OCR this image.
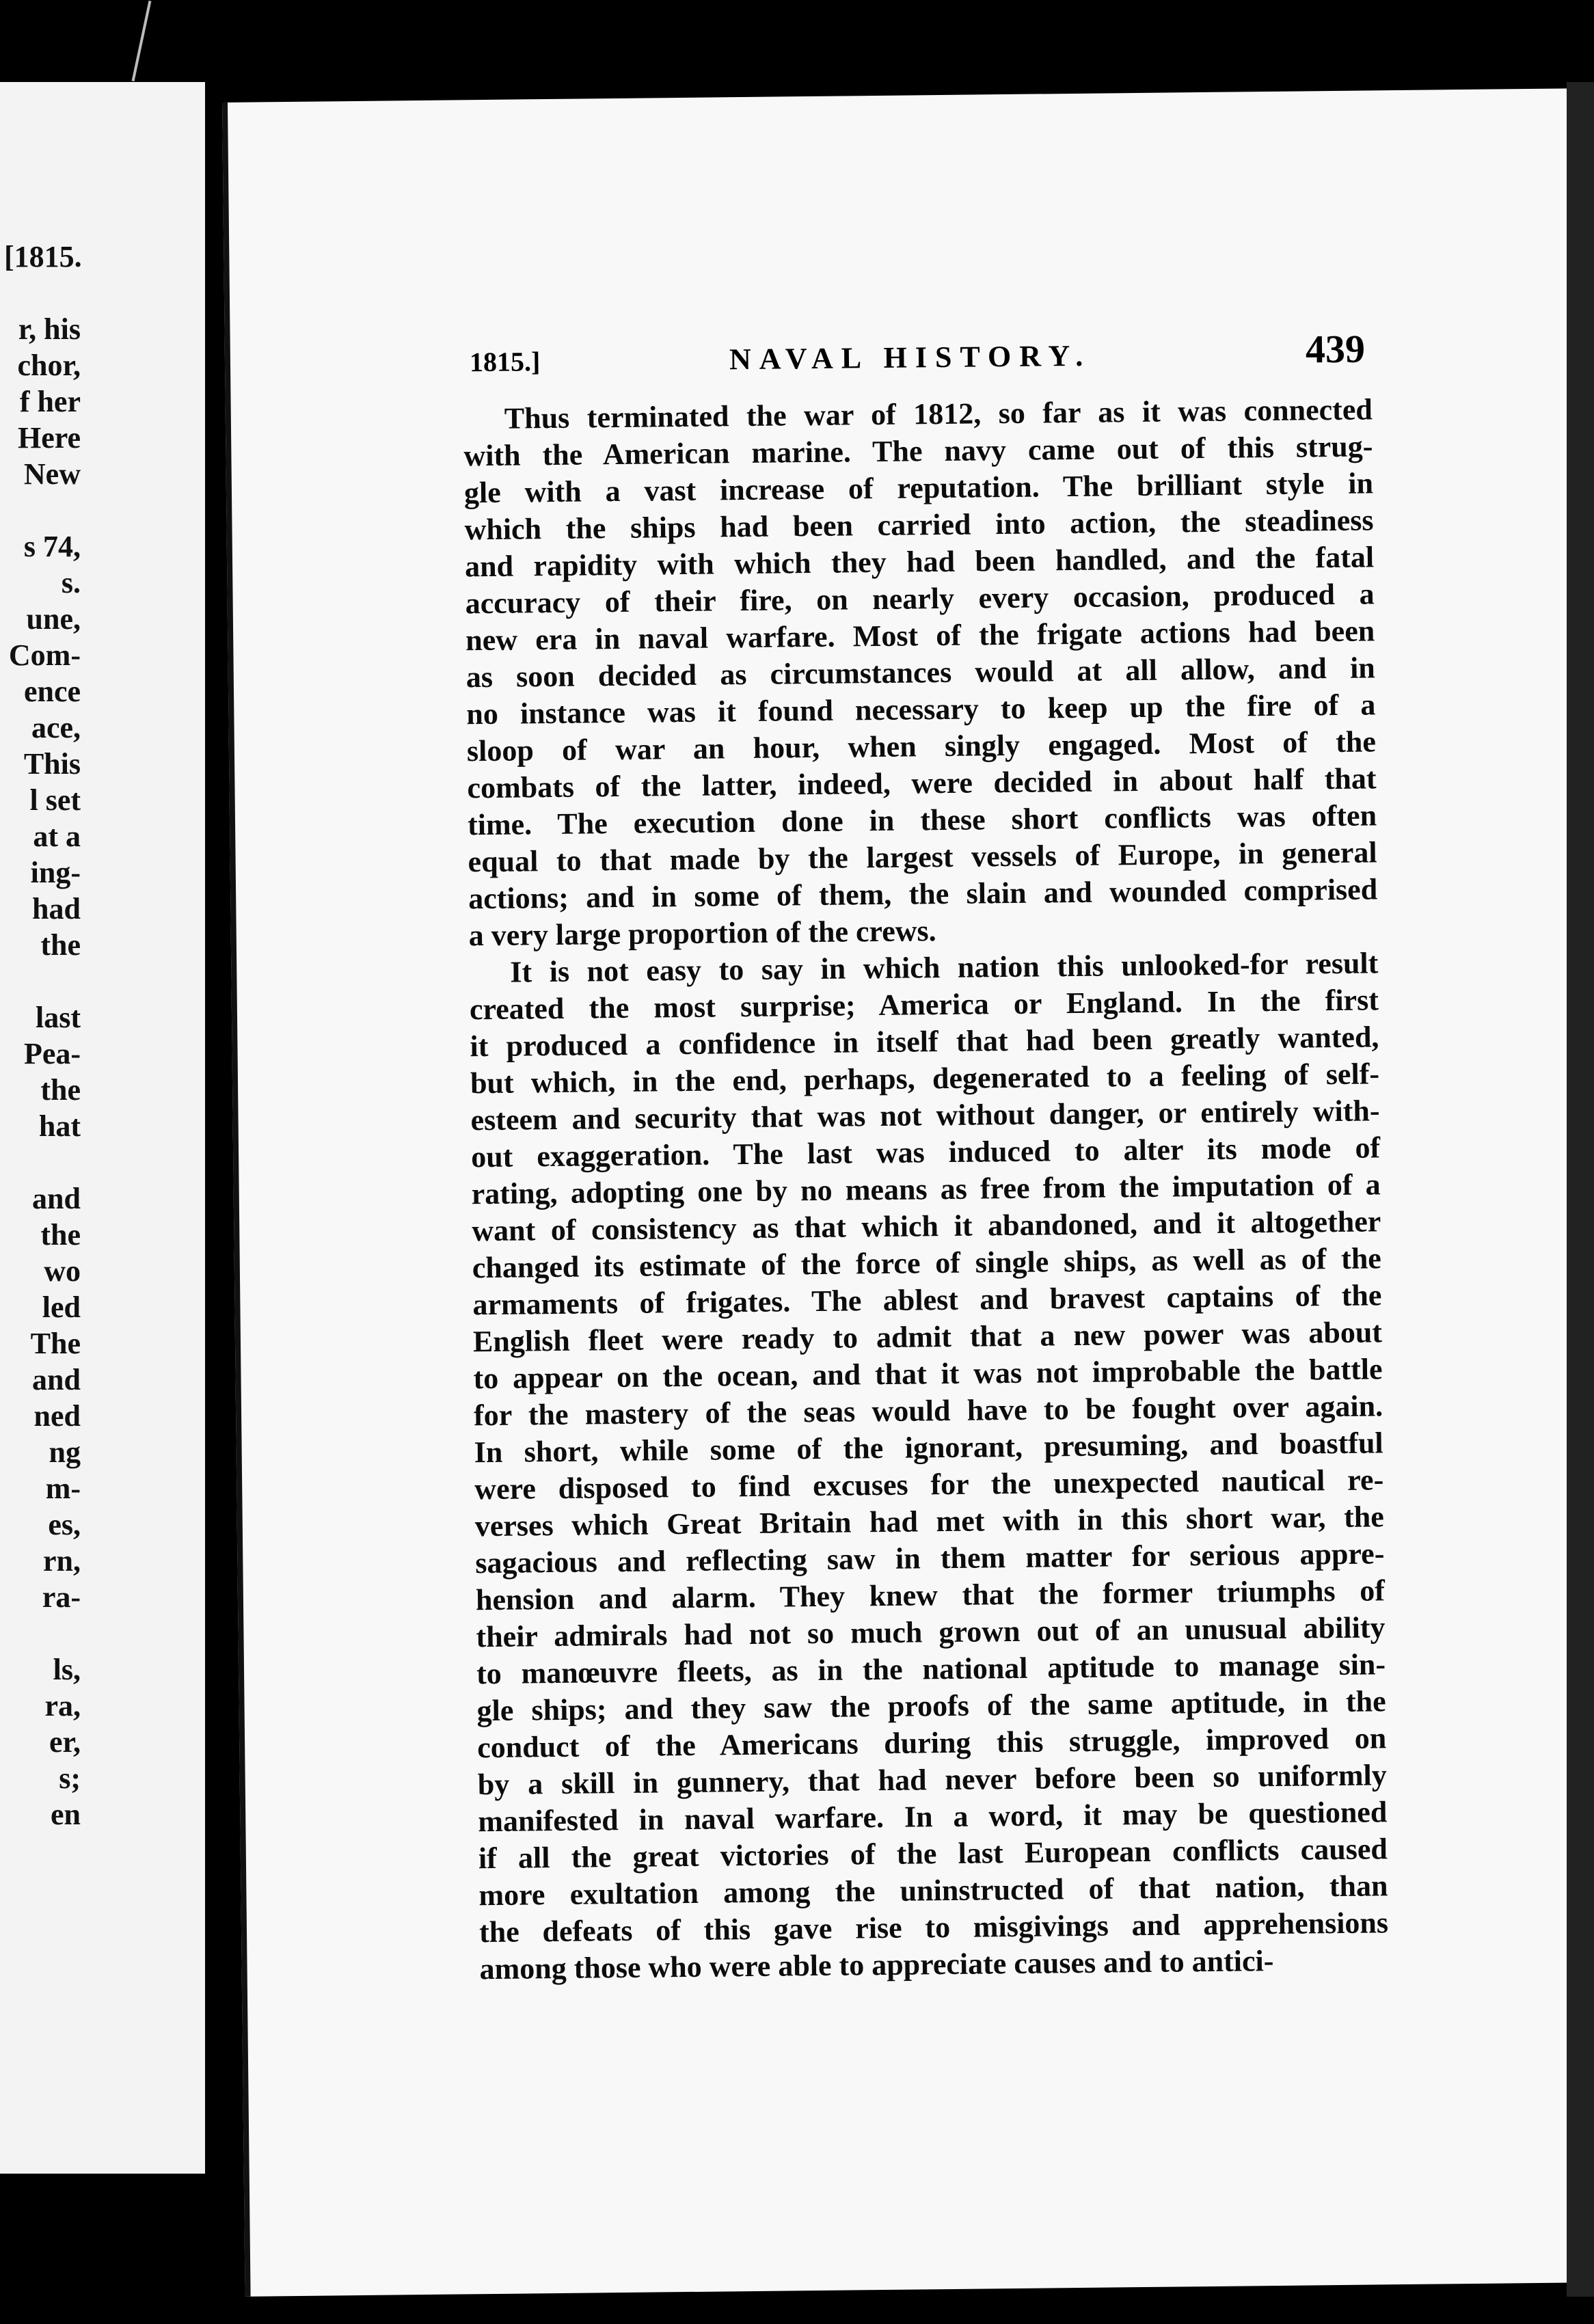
[1815.
r, his
chor,
f her
Here
New
s 74,
s.
une,
Com-
ence
ace,
This
l set
at a
ing-
had
the
last
Pea-
the
hat
and
the
wo
led
The
and
ned
ng
m-
es,
rn,
ra-
ls,
ra,
er,
s;
en
1815.]	NAVAL HISTORY.	439
Thus terminated the war of 1812, so far as it was connected
with the American marine. The navy came out of this strug-
gle with a vast increase of reputation. The brilliant style in
which the ships had been carried into action, the steadiness
and rapidity with which they had been handled, and the fatal
accuracy of their fire, on nearly every occasion, produced a
new era in naval warfare. Most of the frigate actions had been
as soon decided as circumstances would at all allow, and in
no instance was it found necessary to keep up the fire of a
sloop of war an hour, when singly engaged. Most of the
combats of the latter, indeed, were decided in about half that
time. The execution done in these short conflicts was often
equal to that made by the largest vessels of Europe, in general
actions; and in some of them, the slain and wounded comprised
a very large proportion of the crews.
It is not easy to say in which nation this unlooked-for result
created the most surprise; America or England. In the first
it produced a confidence in itself that had been greatly wanted,
but which, in the end, perhaps, degenerated to a feeling of self-
esteem and security that was not without danger, or entirely with-
out exaggeration. The last was induced to alter its mode of
rating, adopting one by no means as free from the imputation of a
want of consistency as that which it abandoned, and it altogether
changed its estimate of the force of single ships, as well as of the
armaments of frigates. The ablest and bravest captains of the
English fleet were ready to admit that a new power was about
to appear on the ocean, and that it was not improbable the battle
for the mastery of the seas would have to be fought over again.
In short, while some of the ignorant, presuming, and boastful
were disposed to find excuses for the unexpected nautical re-
verses which Great Britain had met with in this short war, the
sagacious and reflecting saw in them matter for serious appre-
hension and alarm. They knew that the former triumphs of
their admirals had not so much grown out of an unusual ability
to manœuvre fleets, as in the national aptitude to manage sin-
gle ships; and they saw the proofs of the same aptitude, in the
conduct of the Americans during this struggle, improved on
by a skill in gunnery, that had never before been so uniformly
manifested in naval warfare. In a word, it may be questioned
if all the great victories of the last European conflicts caused
more exultation among the uninstructed of that nation, than
the defeats of this gave rise to misgivings and apprehensions
among those who were able to appreciate causes and to antici-
